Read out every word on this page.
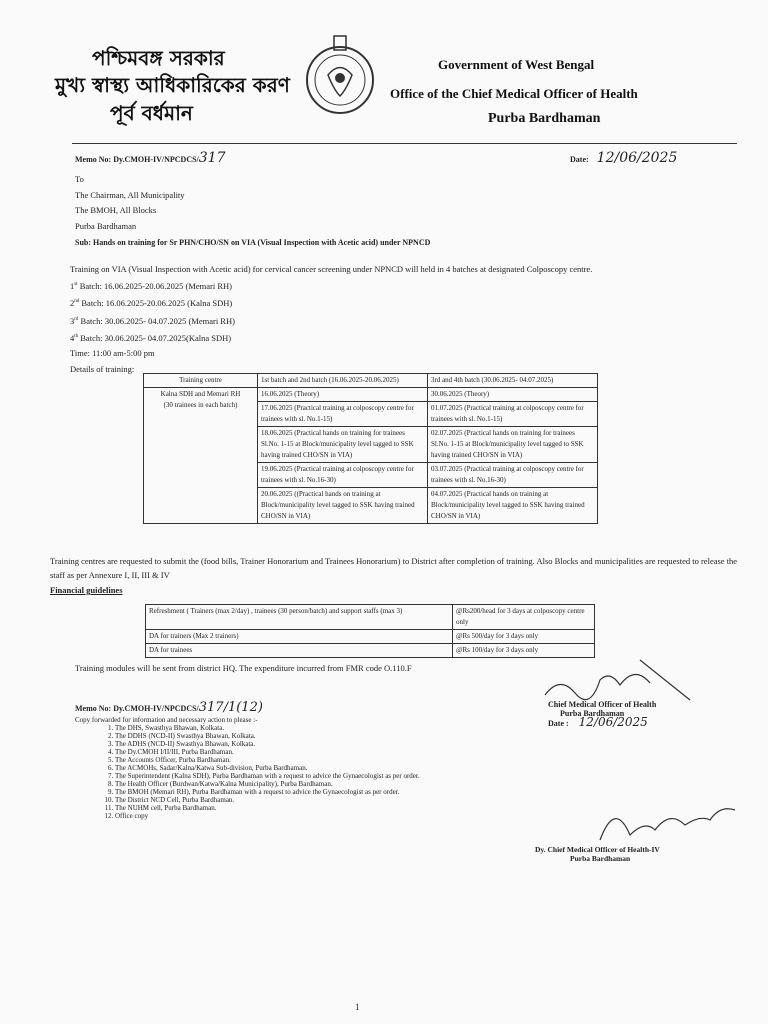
পশ্চিমবঙ্গ সরকার
মুখ্য স্বাস্থ্য আধিকারিকের করণ
পূর্ব বর্ধমান
Government of West Bengal
Office of the Chief Medical Officer of Health
Purba Bardhaman
Memo No: Dy.CMOH-IV/NPCDCS/317	Date: 12/06/2025
To
The Chairman, All Municipality
The BMOH, All Blocks
Purba Bardhaman
Sub: Hands on training for Sr PHN/CHO/SN on VIA (Visual Inspection with Acetic acid) under NPNCD
Training on VIA (Visual Inspection with Acetic acid) for cervical cancer screening under NPNCD will held in 4 batches at designated Colposcopy centre.
1st Batch: 16.06.2025-20.06.2025 (Memari RH)
2nd Batch: 16.06.2025-20.06.2025 (Kalna SDH)
3rd Batch: 30.06.2025- 04.07.2025 (Memari RH)
4th Batch: 30.06.2025- 04.07.2025(Kalna SDH)
Time: 11:00 am-5:00 pm
Details of training:
Training centre	1st batch and 2nd batch (16.06.2025-20.06.2025)	3rd and 4th batch (30.06.2025- 04.07.2025)

Kalna SDH and Memari RH
(30 trainees in each batch)	16.06.2025 (Theory)	30.06.2025 (Theory)
	17.06.2025 (Practical training at colposcopy centre for trainees with sl. No.1-15)	01.07.2025 (Practical training at colposcopy centre for trainees with sl. No.1-15)
	18.06.2025 (Practical hands on training for trainees Sl.No. 1-15 at Block/municipality level tagged to SSK having trained CHO/SN in VIA)	02.07.2025 (Practical hands on training for trainees Sl.No. 1-15 at Block/municipality level tagged to SSK having trained CHO/SN in VIA)
	19.06.2025 (Practical training at colposcopy centre for trainees with sl. No.16-30)	03.07.2025 (Practical training at colposcopy centre for trainees with sl. No.16-30)
	20.06.2025 ((Practical hands on training at Block/municipality level tagged to SSK having trained CHO/SN in VIA)	04.07.2025 (Practical hands on training at Block/municipality level tagged to SSK having trained CHO/SN in VIA)
Training centres are requested to submit the (food bills, Trainer Honorarium and Trainees Honorarium) to District after completion of training. Also Blocks and municipalities are requested to release the staff as per Annexure I, II, III & IV
Financial guidelines
Refreshment ( Trainers (max 2/day) , trainees (30 person/batch) and support staffs (max 3)	@Rs200/head for 3 days at colposcopy centre only
DA for trainers (Max 2 trainers)	@Rs 500/day for 3 days only
DA for trainees	@Rs 100/day for 3 days only
Training modules will be sent from district HQ. The expenditure incurred from FMR code O.110.F
Chief Medical Officer of Health
Purba Bardhaman
Date : 12/06/2025
Memo No: Dy.CMOH-IV/NPCDCS/317/1(12)
Copy forwarded for information and necessary action to please :-
1. The DHS, Swasthya Bhawan, Kolkata.
2. The DDHS (NCD-II) Swasthya Bhawan, Kolkata.
3. The ADHS (NCD-II) Swasthya Bhawan, Kolkata.
4. The Dy.CMOH I/II/III, Purba Bardhaman.
5. The Accounts Officer, Purba Bardhaman.
6. The ACMOHs, Sadar/Kalna/Katwa Sub-division, Purba Bardhaman.
7. The Superintendent (Kalna SDH), Purba Bardhaman with a request to advice the Gynaecologist as per order.
8. The Health Officer (Burdwan/Katwa/Kalna Municipality), Purba Bardhaman.
9. The BMOH (Memari RH), Purba Bardhaman with a request to advice the Gynaecologist as per order.
10. The District NCD Cell, Purba Bardhaman.
11. The NUHM cell, Purba Bardhaman.
12. Office copy
Dy. Chief Medical Officer of Health-IV
Purba Bardhaman
1
